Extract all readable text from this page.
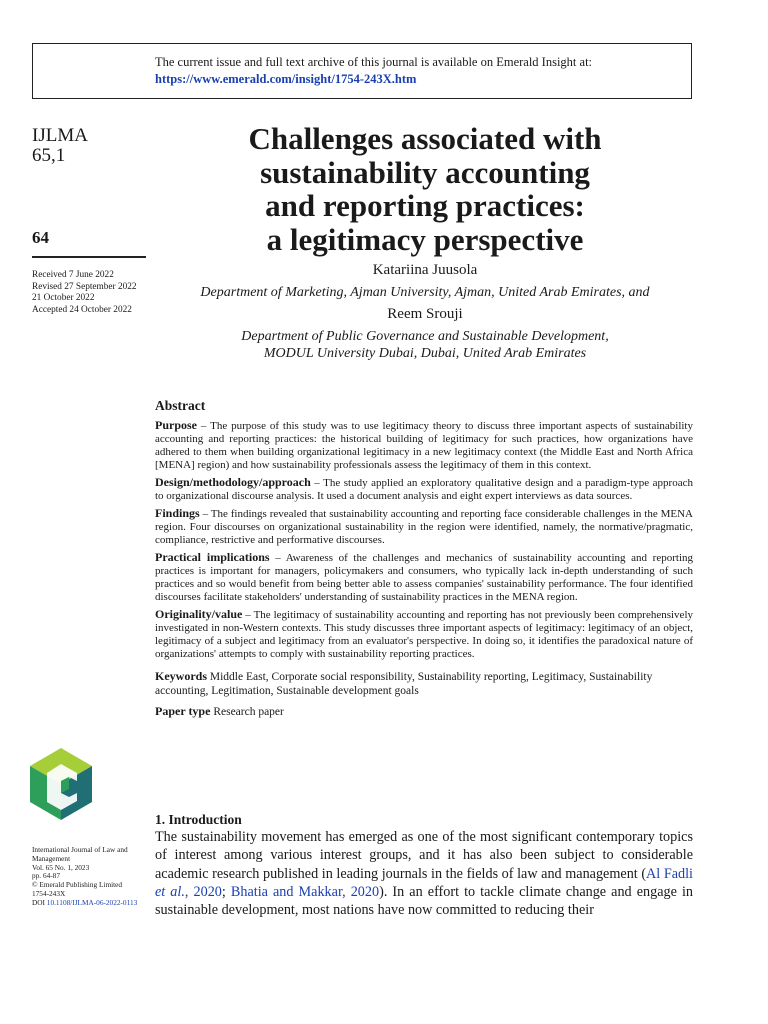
The current issue and full text archive of this journal is available on Emerald Insight at:
https://www.emerald.com/insight/1754-243X.htm
IJLMA
65,1
64
Received 7 June 2022
Revised 27 September 2022
21 October 2022
Accepted 24 October 2022
Challenges associated with
sustainability accounting
and reporting practices:
a legitimacy perspective
Katariina Juusola
Department of Marketing, Ajman University, Ajman, United Arab Emirates, and
Reem Srouji
Department of Public Governance and Sustainable Development,
MODUL University Dubai, Dubai, United Arab Emirates
Abstract

Purpose – The purpose of this study was to use legitimacy theory to discuss three important aspects of sustainability accounting and reporting practices: the historical building of legitimacy for such practices, how organizations have adhered to them when building organizational legitimacy in a new legitimacy context (the Middle East and North Africa [MENA] region) and how sustainability professionals assess the legitimacy of them in this context.

Design/methodology/approach – The study applied an exploratory qualitative design and a paradigm-type approach to organizational discourse analysis. It used a document analysis and eight expert interviews as data sources.

Findings – The findings revealed that sustainability accounting and reporting face considerable challenges in the MENA region. Four discourses on organizational sustainability in the region were identified, namely, the normative/pragmatic, compliance, restrictive and performative discourses.

Practical implications – Awareness of the challenges and mechanics of sustainability accounting and reporting practices is important for managers, policymakers and consumers, who typically lack in-depth understanding of such practices and so would benefit from being better able to assess companies' sustainability performance. The four identified discourses facilitate stakeholders' understanding of sustainability practices in the MENA region.

Originality/value – The legitimacy of sustainability accounting and reporting has not previously been comprehensively investigated in non-Western contexts. This study discusses three important aspects of legitimacy: legitimacy of an object, legitimacy of a subject and legitimacy from an evaluator's perspective. In doing so, it identifies the paradoxical nature of organizations' attempts to comply with sustainability reporting practices.

Keywords Middle East, Corporate social responsibility, Sustainability reporting, Legitimacy, Sustainability accounting, Legitimation, Sustainable development goals

Paper type Research paper

International Journal of Law and Management
Vol. 65 No. 1, 2023
pp. 64-87
© Emerald Publishing Limited
1754-243X
DOI 10.1108/IJLMA-06-2022-0113
1. Introduction
The sustainability movement has emerged as one of the most significant contemporary topics of interest among various interest groups, and it has also been subject to considerable academic research published in leading journals in the fields of law and management (Al Fadli et al., 2020; Bhatia and Makkar, 2020). In an effort to tackle climate change and engage in sustainable development, most nations have now committed to reducing their
